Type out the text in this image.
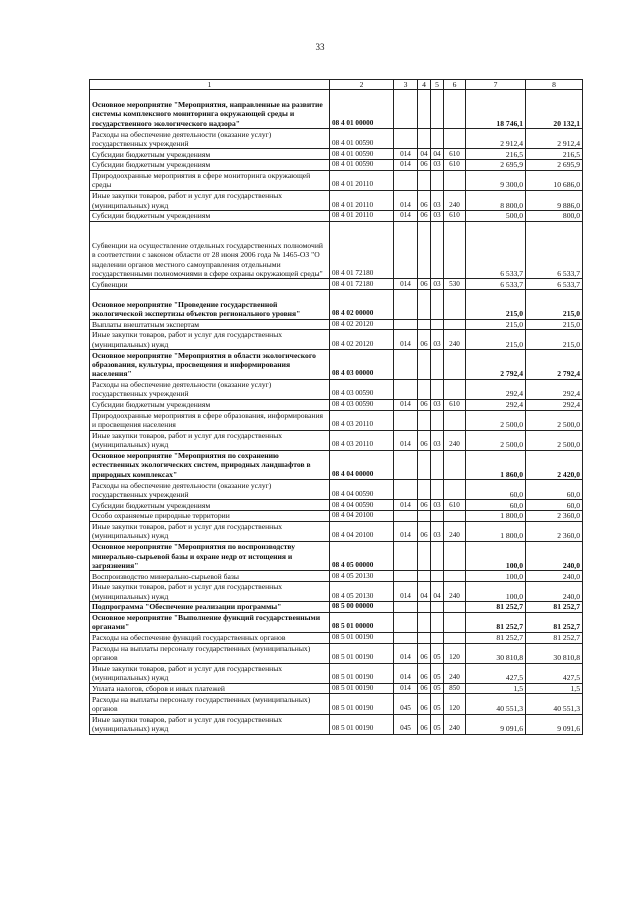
33
1	2	3	4	5	6	7	8
Основное мероприятие "Мероприятия, направленные на развитие системы комплексного мониторинга окружающей среды и государственного экологического надзора"	08 4 01 00000					18 746,1	20 132,1
Расходы на обеспечение деятельности (оказание услуг) государственных учреждений	08 4 01 00590					2 912,4	2 912,4
Субсидии бюджетным учреждениям	08 4 01 00590	014	04	04	610	216,5	216,5
Субсидии бюджетным учреждениям	08 4 01 00590	014	06	03	610	2 695,9	2 695,9
Природоохранные мероприятия в сфере мониторинга окружающей среды	08 4 01 20110					9 300,0	10 686,0
Иные закупки товаров, работ и услуг для государственных (муниципальных) нужд	08 4 01 20110	014	06	03	240	8 800,0	9 886,0
Субсидии бюджетным учреждениям	08 4 01 20110	014	06	03	610	500,0	800,0
Субвенции на осуществление отдельных государственных полномочий в соответствии с законом области от 28 июня 2006 года № 1465-ОЗ "О наделении органов местного самоуправления отдельными государственными полномочиями в сфере охраны окружающей среды"	08 4 01 72180					6 533,7	6 533,7
Субвенции	08 4 01 72180	014	06	03	530	6 533,7	6 533,7
Основное мероприятие "Проведение государственной экологической экспертизы объектов регионального уровня"	08 4 02 00000					215,0	215,0
Выплаты внештатным экспертам	08 4 02 20120					215,0	215,0
Иные закупки товаров, работ и услуг для государственных (муниципальных) нужд	08 4 02 20120	014	06	03	240	215,0	215,0
Основное мероприятие "Мероприятия в области экологического образования, культуры, просвещения и информирования населения"	08 4 03 00000					2 792,4	2 792,4
Расходы на обеспечение деятельности (оказание услуг) государственных учреждений	08 4 03 00590					292,4	292,4
Субсидии бюджетным учреждениям	08 4 03 00590	014	06	03	610	292,4	292,4
Природоохранные мероприятия в сфере образования, информирования и просвещения населения	08 4 03 20110					2 500,0	2 500,0
Иные закупки товаров, работ и услуг для государственных (муниципальных) нужд	08 4 03 20110	014	06	03	240	2 500,0	2 500,0
Основное мероприятие "Мероприятия по сохранению естественных экологических систем, природных ландшафтов в природных комплексах"	08 4 04 00000					1 860,0	2 420,0
Расходы на обеспечение деятельности (оказание услуг) государственных учреждений	08 4 04 00590					60,0	60,0
Субсидии бюджетным учреждениям	08 4 04 00590	014	06	03	610	60,0	60,0
Особо охраняемые природные территории	08 4 04 20100					1 800,0	2 360,0
Иные закупки товаров, работ и услуг для государственных (муниципальных) нужд	08 4 04 20100	014	06	03	240	1 800,0	2 360,0
Основное мероприятие "Мероприятия по воспроизводству минерально-сырьевой базы и охране недр от истощения и загрязнения"	08 4 05 00000					100,0	240,0
Воспроизводство минерально-сырьевой базы	08 4 05 20130					100,0	240,0
Иные закупки товаров, работ и услуг для государственных (муниципальных) нужд	08 4 05 20130	014	04	04	240	100,0	240,0
Подпрограмма "Обеспечение реализации программы"	08 5 00 00000					81 252,7	81 252,7
Основное мероприятие "Выполнение функций государственными органами"	08 5 01 00000					81 252,7	81 252,7
Расходы на обеспечение функций государственных органов	08 5 01 00190					81 252,7	81 252,7
Расходы на выплаты персоналу государственных (муниципальных) органов	08 5 01 00190	014	06	05	120	30 810,8	30 810,8
Иные закупки товаров, работ и услуг для государственных (муниципальных) нужд	08 5 01 00190	014	06	05	240	427,5	427,5
Уплата налогов, сборов и иных платежей	08 5 01 00190	014	06	05	850	1,5	1,5
Расходы на выплаты персоналу государственных (муниципальных) органов	08 5 01 00190	045	06	05	120	40 551,3	40 551,3
Иные закупки товаров, работ и услуг для государственных (муниципальных) нужд	08 5 01 00190	045	06	05	240	9 091,6	9 091,6
